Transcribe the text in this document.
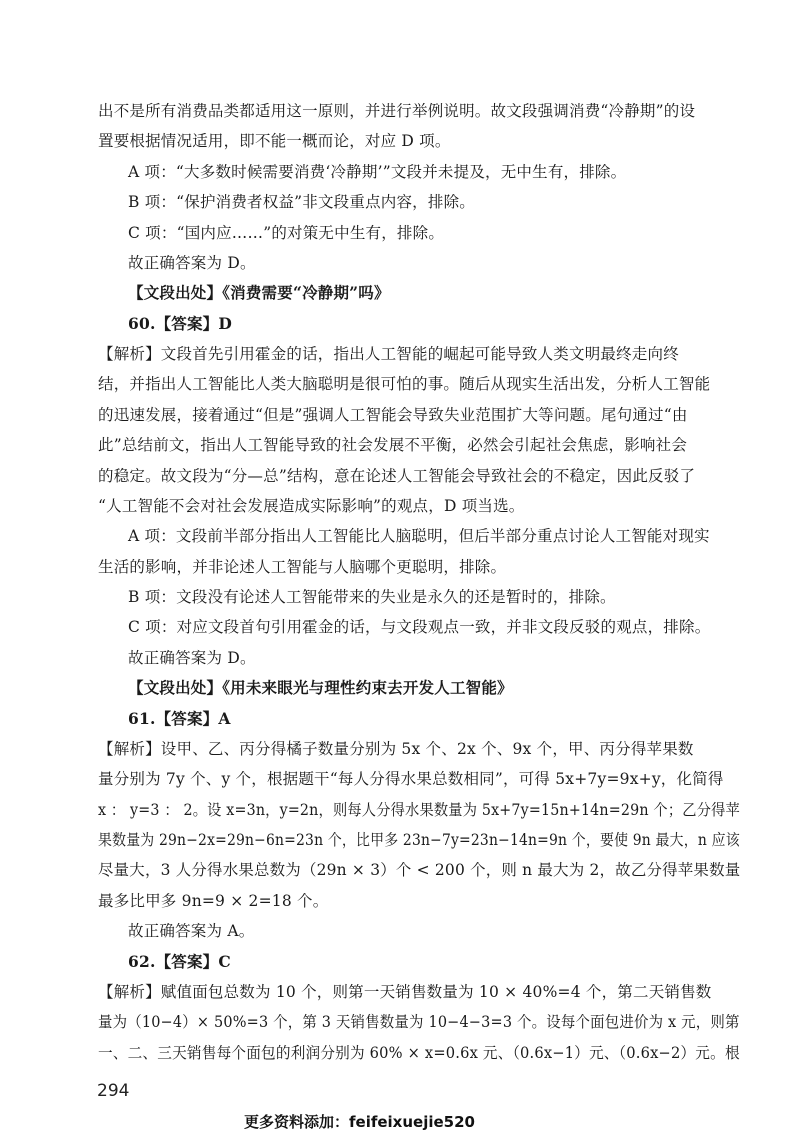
出不是所有消费品类都适用这一原则，并进行举例说明。故文段强调消费“冷静期”的设
置要根据情况适用，即不能一概而论，对应 D 项。
A 项：“大多数时候需要消费‘冷静期’”文段并未提及，无中生有，排除。
B 项：“保护消费者权益”非文段重点内容，排除。
C 项：“国内应……”的对策无中生有，排除。
故正确答案为 D。
【文段出处】《消费需要“冷静期”吗》
60.【答案】D
【解析】文段首先引用霍金的话，指出人工智能的崛起可能导致人类文明最终走向终
结，并指出人工智能比人类大脑聪明是很可怕的事。随后从现实生活出发，分析人工智能
的迅速发展，接着通过“但是”强调人工智能会导致失业范围扩大等问题。尾句通过“由
此”总结前文，指出人工智能导致的社会发展不平衡，必然会引起社会焦虑，影响社会
的稳定。故文段为“分—总”结构，意在论述人工智能会导致社会的不稳定，因此反驳了
“人工智能不会对社会发展造成实际影响”的观点，D 项当选。
A 项：文段前半部分指出人工智能比人脑聪明，但后半部分重点讨论人工智能对现实
生活的影响，并非论述人工智能与人脑哪个更聪明，排除。
B 项：文段没有论述人工智能带来的失业是永久的还是暂时的，排除。
C 项：对应文段首句引用霍金的话，与文段观点一致，并非文段反驳的观点，排除。
故正确答案为 D。
【文段出处】《用未来眼光与理性约束去开发人工智能》
61.【答案】A
【解析】设甲、乙、丙分得橘子数量分别为 5x 个、2x 个、9x 个，甲、丙分得苹果数
量分别为 7y 个、y 个，根据题干“每人分得水果总数相同”，可得 5x+7y=9x+y，化简得
x ： y=3 ： 2。设 x=3n，y=2n，则每人分得水果数量为 5x+7y=15n+14n=29n 个；乙分得苹
果数量为 29n−2x=29n−6n=23n 个，比甲多 23n−7y=23n−14n=9n 个，要使 9n 最大，n 应该
尽量大，3 人分得水果总数为（29n × 3）个 < 200 个，则 n 最大为 2，故乙分得苹果数量
最多比甲多 9n=9 × 2=18 个。
故正确答案为 A。
62.【答案】C
【解析】赋值面包总数为 10 个，则第一天销售数量为 10 × 40%=4 个，第二天销售数
量为（10−4）× 50%=3 个，第 3 天销售数量为 10−4−3=3 个。设每个面包进价为 x 元，则第
一、二、三天销售每个面包的利润分别为 60% × x=0.6x 元、（0.6x−1）元、（0.6x−2）元。根
294
更多资料添加：feifeixuejie520
